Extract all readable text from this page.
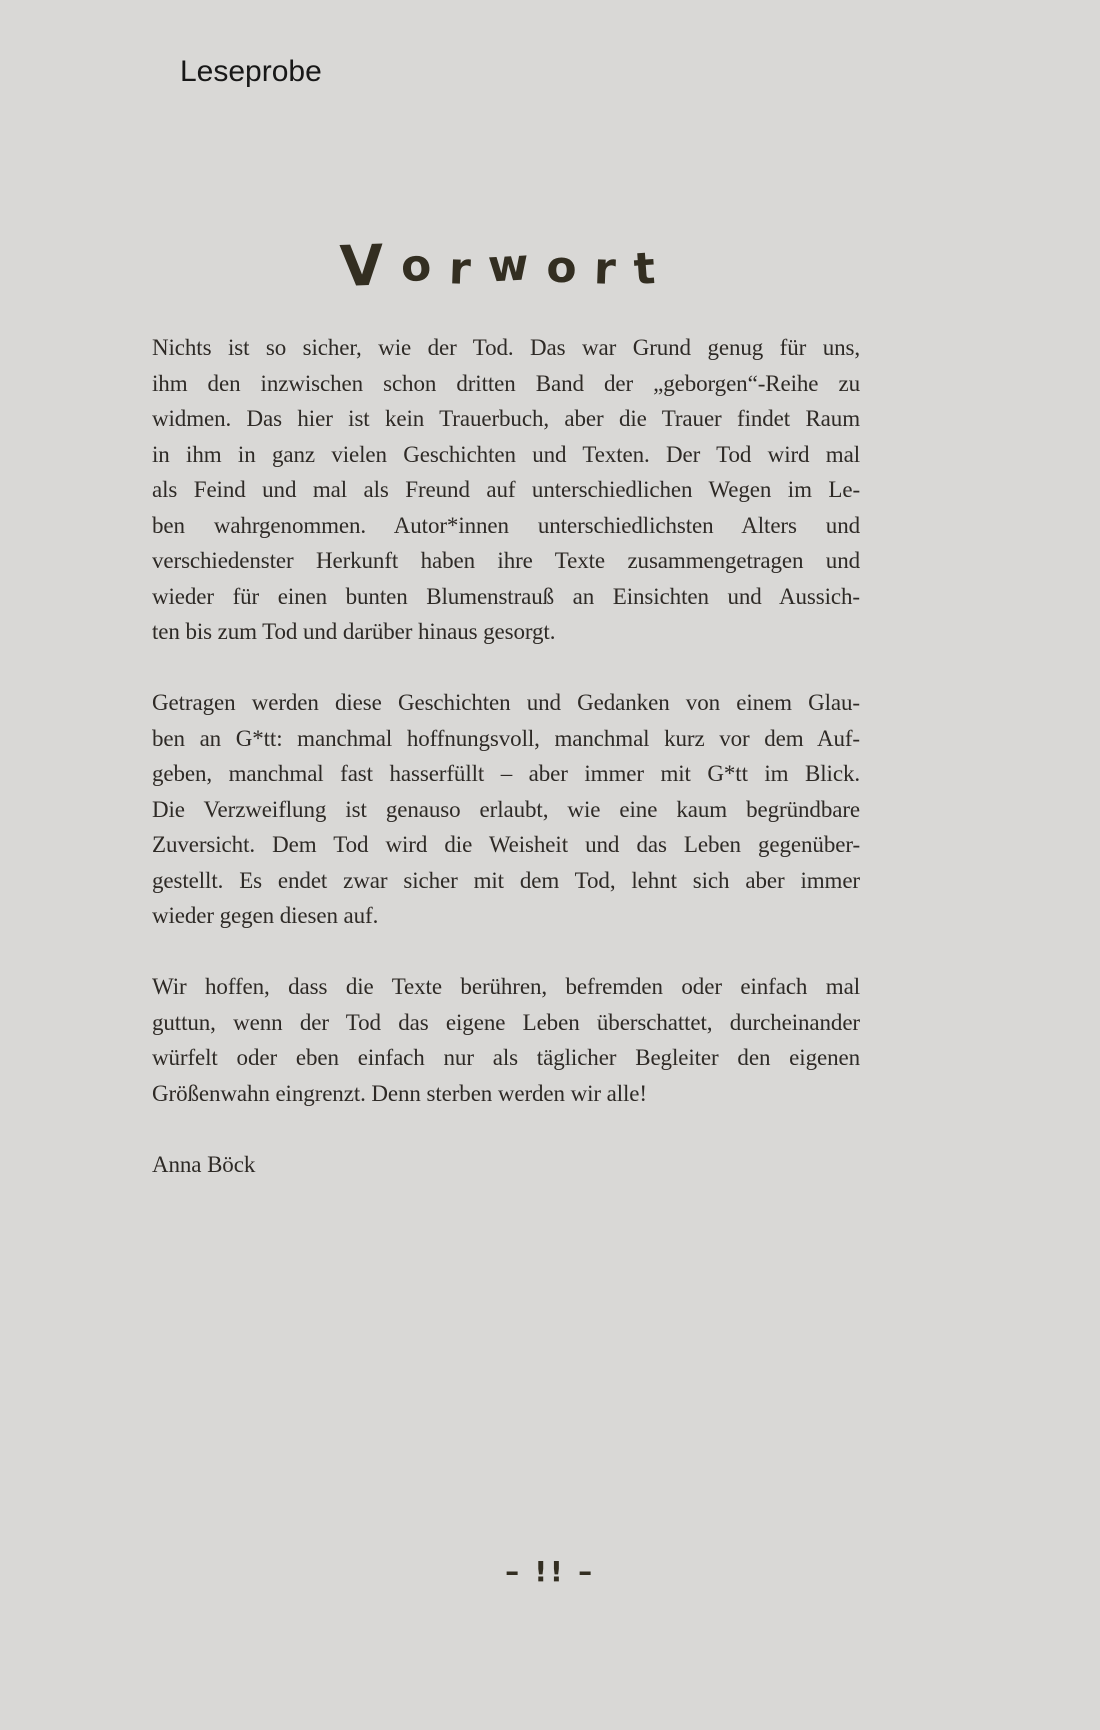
Leseprobe
Vorwort
Nichts ist so sicher, wie der Tod. Das war Grund genug für uns,
ihm den inzwischen schon dritten Band der „geborgen“-Reihe zu
widmen. Das hier ist kein Trauerbuch, aber die Trauer findet Raum
in ihm in ganz vielen Geschichten und Texten. Der Tod wird mal
als Feind und mal als Freund auf unterschiedlichen Wegen im Le-
ben wahrgenommen. Autor*innen unterschiedlichsten Alters und
verschiedenster Herkunft haben ihre Texte zusammengetragen und
wieder für einen bunten Blumenstrauß an Einsichten und Aussich-
ten bis zum Tod und darüber hinaus gesorgt.
Getragen werden diese Geschichten und Gedanken von einem Glau-
ben an G*tt: manchmal hoffnungsvoll, manchmal kurz vor dem Auf-
geben, manchmal fast hasserfüllt – aber immer mit G*tt im Blick.
Die Verzweiflung ist genauso erlaubt, wie eine kaum begründbare
Zuversicht. Dem Tod wird die Weisheit und das Leben gegenüber-
gestellt. Es endet zwar sicher mit dem Tod, lehnt sich aber immer
wieder gegen diesen auf.
Wir hoffen, dass die Texte berühren, befremden oder einfach mal
guttun, wenn der Tod das eigene Leben überschattet, durcheinander
würfelt oder eben einfach nur als täglicher Begleiter den eigenen
Größenwahn eingrenzt. Denn sterben werden wir alle!
Anna Böck
– !! –
